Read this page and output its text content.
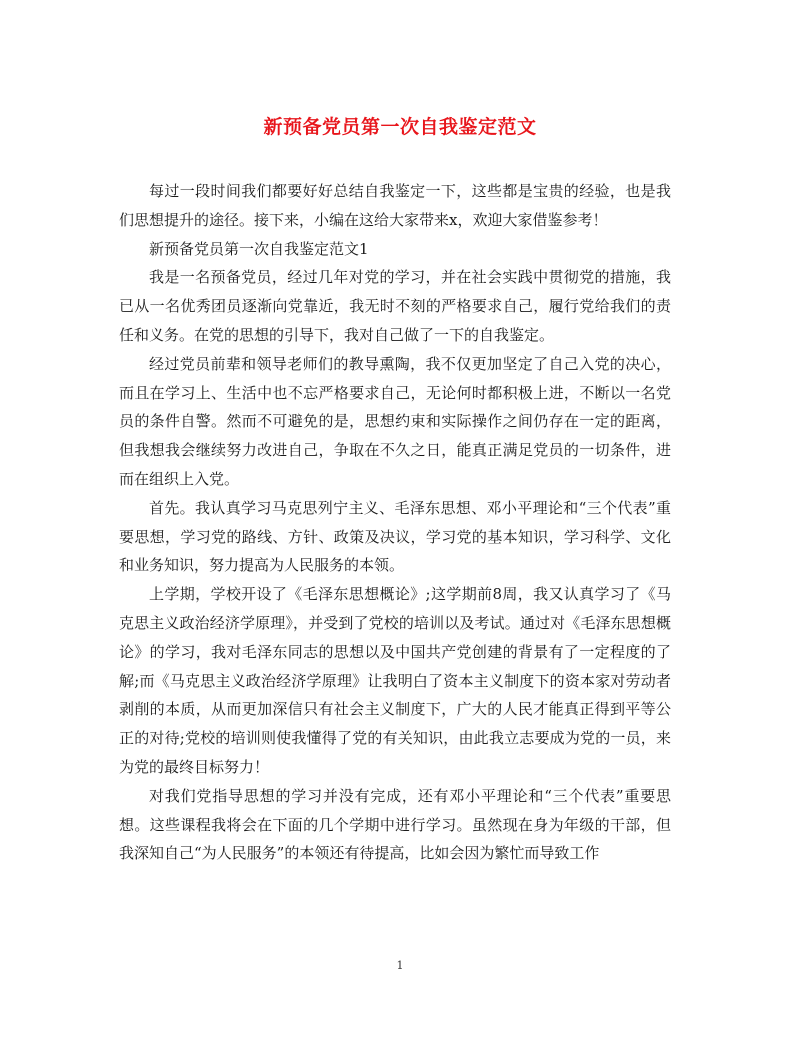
新预备党员第一次自我鉴定范文

每过一段时间我们都要好好总结自我鉴定一下，这些都是宝贵的经验，也是我们思想提升的途径。接下来，小编在这给大家带来x，欢迎大家借鉴参考！

新预备党员第一次自我鉴定范文1

我是一名预备党员，经过几年对党的学习，并在社会实践中贯彻党的措施，我已从一名优秀团员逐渐向党靠近，我无时不刻的严格要求自己，履行党给我们的责任和义务。在党的思想的引导下，我对自己做了一下的自我鉴定。

经过党员前辈和领导老师们的教导熏陶，我不仅更加坚定了自己入党的决心，而且在学习上、生活中也不忘严格要求自己，无论何时都积极上进，不断以一名党员的条件自警。然而不可避免的是，思想约束和实际操作之间仍存在一定的距离，但我想我会继续努力改进自己，争取在不久之日，能真正满足党员的一切条件，进而在组织上入党。

首先。我认真学习马克思列宁主义、毛泽东思想、邓小平理论和“三个代表”重要思想，学习党的路线、方针、政策及决议，学习党的基本知识，学习科学、文化和业务知识，努力提高为人民服务的本领。

上学期，学校开设了《毛泽东思想概论》;这学期前8周，我又认真学习了《马克思主义政治经济学原理》，并受到了党校的培训以及考试。通过对《毛泽东思想概论》的学习，我对毛泽东同志的思想以及中国共产党创建的背景有了一定程度的了解;而《马克思主义政治经济学原理》让我明白了资本主义制度下的资本家对劳动者剥削的本质，从而更加深信只有社会主义制度下，广大的人民才能真正得到平等公正的对待;党校的培训则使我懂得了党的有关知识，由此我立志要成为党的一员，来为党的最终目标努力！

对我们党指导思想的学习并没有完成，还有邓小平理论和“三个代表”重要思想。这些课程我将会在下面的几个学期中进行学习。虽然现在身为年级的干部，但我深知自己“为人民服务”的本领还有待提高，比如会因为繁忙而导致工作

1
